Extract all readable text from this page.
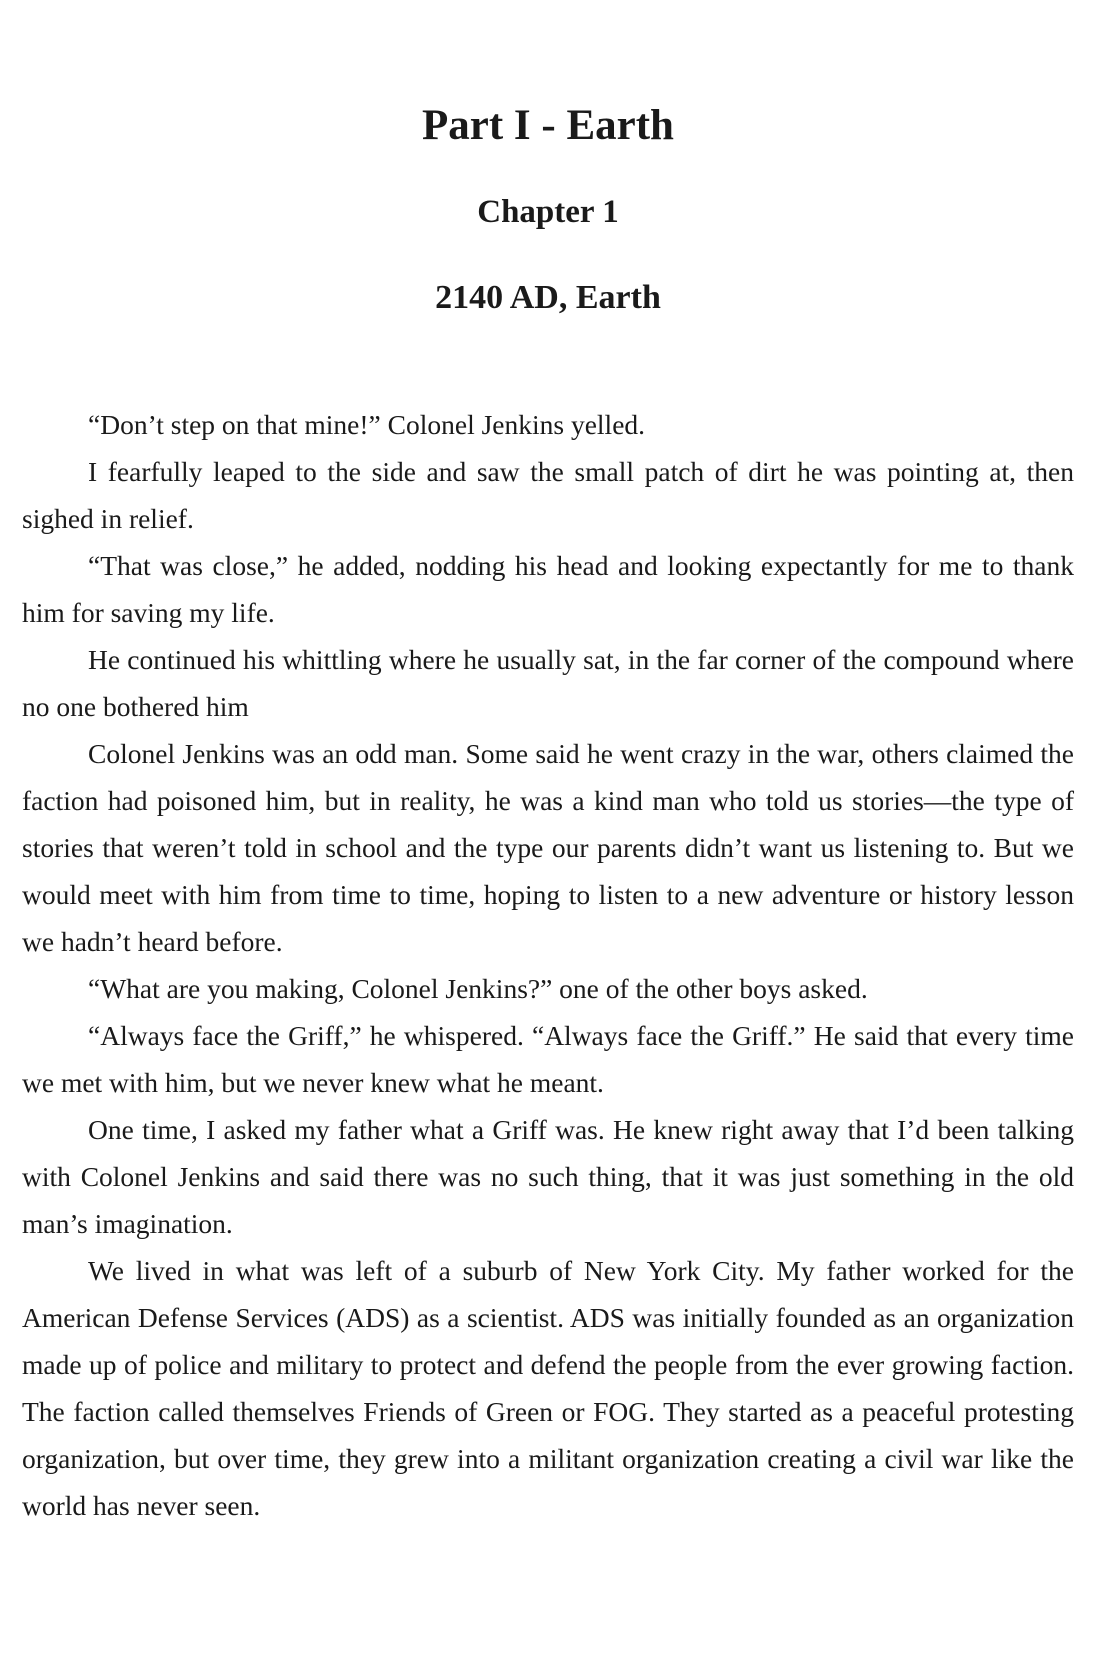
Part I - Earth
Chapter 1
2140 AD, Earth

“Don’t step on that mine!” Colonel Jenkins yelled.

I fearfully leaped to the side and saw the small patch of dirt he was pointing at, then sighed in relief.

“That was close,” he added, nodding his head and looking expectantly for me to thank him for saving my life.

He continued his whittling where he usually sat, in the far corner of the compound where no one bothered him

Colonel Jenkins was an odd man. Some said he went crazy in the war, others claimed the faction had poisoned him, but in reality, he was a kind man who told us stories—the type of stories that weren’t told in school and the type our parents didn’t want us listening to. But we would meet with him from time to time, hoping to listen to a new adventure or history lesson we hadn’t heard before.

“What are you making, Colonel Jenkins?” one of the other boys asked.

“Always face the Griff,” he whispered. “Always face the Griff.” He said that every time we met with him, but we never knew what he meant.

One time, I asked my father what a Griff was. He knew right away that I’d been talking with Colonel Jenkins and said there was no such thing, that it was just something in the old man’s imagination.

We lived in what was left of a suburb of New York City. My father worked for the American Defense Services (ADS) as a scientist. ADS was initially founded as an organization made up of police and military to protect and defend the people from the ever growing faction. The faction called themselves Friends of Green or FOG. They started as a peaceful protesting organization, but over time, they grew into a militant organization creating a civil war like the world has never seen.
